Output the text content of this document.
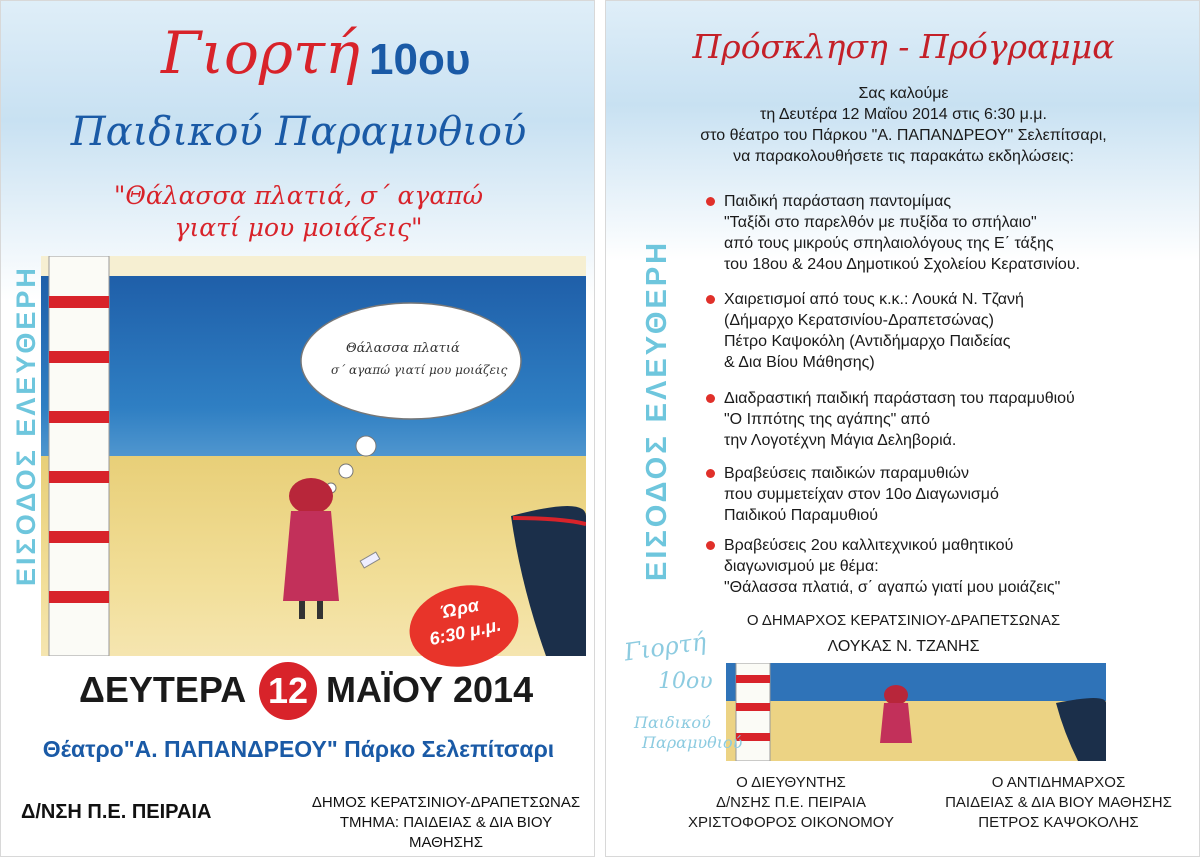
Γιορτή 10ου
Παιδικού Παραμυθιού
"Θάλασσα πλατιά, σ΄ αγαπώ
γιατί μου μοιάζεις"
Θάλασσα πλατιά
σ΄ αγαπώ γιατί μου μοιάζεις
ΕΙΣΟΔΟΣ ΕΛΕΥΘΕΡΗ
Ώρα
6:30 μ.μ.
ΔΕΥΤΕΡΑ 12 ΜΑΪΟΥ 2014
Θέατρο"Α. ΠΑΠΑΝΔΡΕΟΥ" Πάρκο Σελεπίτσαρι
Δ/ΝΣΗ Π.Ε. ΠΕΙΡΑΙΑ	ΔΗΜΟΣ ΚΕΡΑΤΣΙΝΙΟΥ-ΔΡΑΠΕΤΣΩΝΑΣ
ΤΜΗΜΑ: ΠΑΙΔΕΙΑΣ & ΔΙΑ ΒΙΟΥ ΜΑΘΗΣΗΣ
Πρόσκληση - Πρόγραμμα
Σας καλούμε
τη Δευτέρα 12 Μαΐου 2014 στις 6:30 μ.μ.
στο θέατρο του Πάρκου "Α. ΠΑΠΑΝΔΡΕΟΥ" Σελεπίτσαρι,
να παρακολουθήσετε τις παρακάτω εκδηλώσεις:
ΕΙΣΟΔΟΣ ΕΛΕΥΘΕΡΗ
Παιδική παράσταση παντομίμας
"Ταξίδι στο παρελθόν με πυξίδα το σπήλαιο"
από τους μικρούς σπηλαιολόγους της Ε΄ τάξης
του 18ου & 24ου Δημοτικού Σχολείου Κερατσινίου.
Χαιρετισμοί από τους κ.κ.: Λουκά Ν. Τζανή
(Δήμαρχο Κερατσινίου-Δραπετσώνας)
Πέτρο Καψοκόλη (Αντιδήμαρχο Παιδείας
& Δια Βίου Μάθησης)
Διαδραστική παιδική παράσταση του παραμυθιού
"Ο Ιππότης της αγάπης" από
την Λογοτέχνη Μάγια Δεληβοριά.
Βραβεύσεις παιδικών παραμυθιών
που συμμετείχαν στον 10ο Διαγωνισμό
Παιδικού Παραμυθιού
Βραβεύσεις 2ου καλλιτεχνικού μαθητικού
διαγωνισμού με θέμα:
"Θάλασσα πλατιά, σ΄ αγαπώ γιατί μου μοιάζεις"
Ο ΔΗΜΑΡΧΟΣ ΚΕΡΑΤΣΙΝΙΟΥ-ΔΡΑΠΕΤΣΩΝΑΣ
ΛΟΥΚΑΣ Ν. ΤΖΑΝΗΣ
Γιορτή
10ου
Παιδικού
Παραμυθιού
Ο ΔΙΕΥΘΥΝΤΗΣ
Δ/ΝΣΗΣ Π.Ε. ΠΕΙΡΑΙΑ
ΧΡΙΣΤΟΦΟΡΟΣ ΟΙΚΟΝΟΜΟΥ
Ο ΑΝΤΙΔΗΜΑΡΧΟΣ
ΠΑΙΔΕΙΑΣ & ΔΙΑ ΒΙΟΥ ΜΑΘΗΣΗΣ
ΠΕΤΡΟΣ ΚΑΨΟΚΟΛΗΣ
